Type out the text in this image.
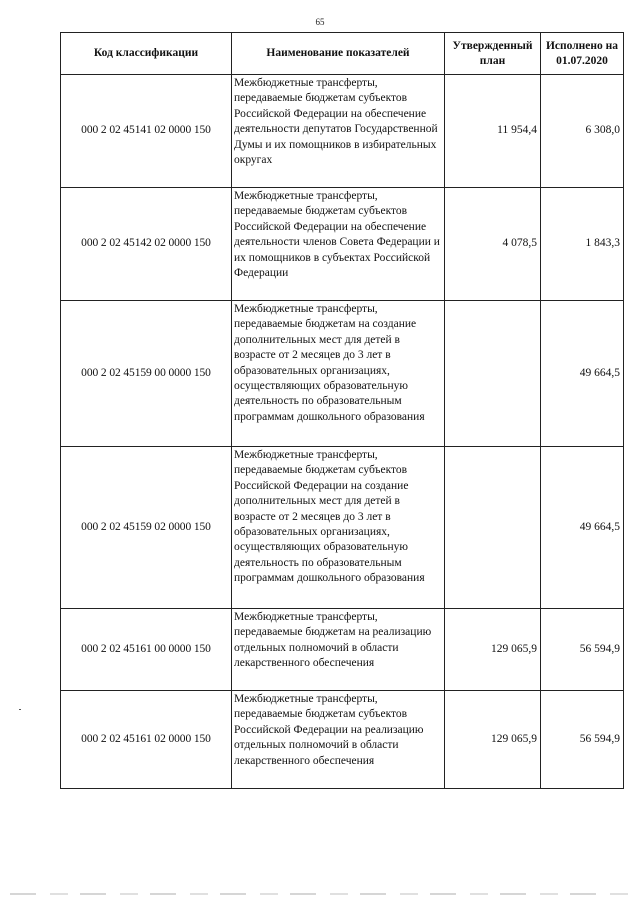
65
Код классификации	Наименование показателей	Утвержденный план	Исполнено на 01.07.2020
000 2 02 45141 02 0000 150	Межбюджетные трансферты, передаваемые бюджетам субъектов Российской Федерации на обеспечение деятельности депутатов Государственной Думы и их помощников в избирательных округах	11 954,4	6 308,0
000 2 02 45142 02 0000 150	Межбюджетные трансферты, передаваемые бюджетам субъектов Российской Федерации на обеспечение деятельности членов Совета Федерации и их помощников в субъектах Российской Федерации	4 078,5	1 843,3
000 2 02 45159 00 0000 150	Межбюджетные трансферты, передаваемые бюджетам на создание дополнительных мест для детей в возрасте от 2 месяцев до 3 лет в образовательных организациях, осуществляющих образовательную деятельность по образовательным программам дошкольного образования		49 664,5
000 2 02 45159 02 0000 150	Межбюджетные трансферты, передаваемые бюджетам субъектов Российской Федерации на создание дополнительных мест для детей в возрасте от 2 месяцев до 3 лет в образовательных организациях, осуществляющих образовательную деятельность по образовательным программам дошкольного образования		49 664,5
000 2 02 45161 00 0000 150	Межбюджетные трансферты, передаваемые бюджетам на реализацию отдельных полномочий в области лекарственного обеспечения	129 065,9	56 594,9
000 2 02 45161 02 0000 150	Межбюджетные трансферты, передаваемые бюджетам субъектов Российской Федерации на реализацию отдельных полномочий в области лекарственного обеспечения	129 065,9	56 594,9
